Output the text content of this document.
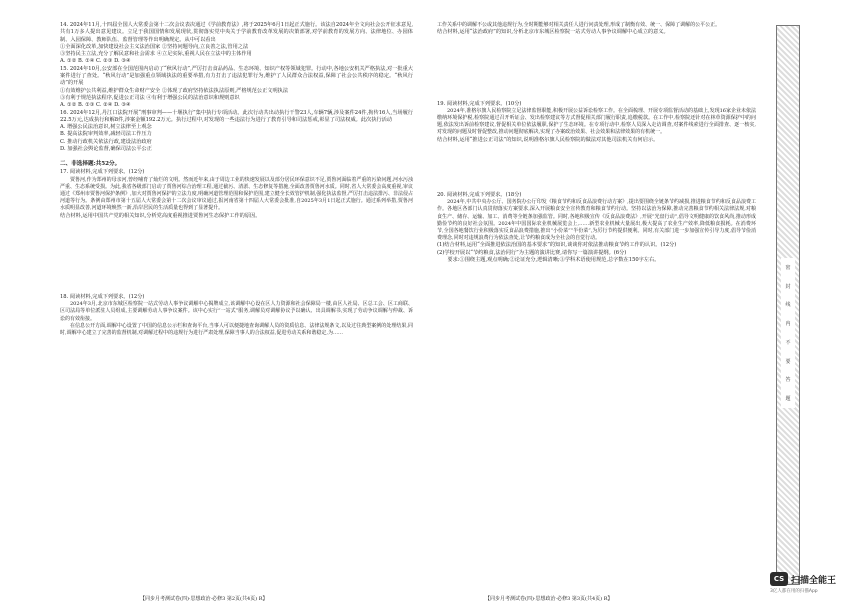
14. 2024年11月,十四届全国人大常委会第十二次会议表决通过《学前教育法》,将于2025年6月1日起正式施行。该法自2024年全文向社会公开征求意见,共有1万多人提出意见建议。立足于我国国情和发展现状,贯彻落实党中央关于学前教育改革发展的决策部署,对学前教育的发展方向、法律地位、办园体制、入园保障、教师队伍、监督管理等作出明确规定。从中可以看出

①全面深化改革,加快建设社会主义法治国家 ②坚持问题导向,立良善之法,管用之法
③坚持民主立法,充分了解民意和社会需求 ④立足实际,重视人民在立法中的主体作用
A. ①② B. ①④ C. ②③ D. ③④

15. 2024年10月,公安部在全国范围内启动了“秋风行动”,严厉打击食品药品、生态环境、知识产权等领域犯罪。行动中,各地公安机关严格执法,对一批重大案件进行了查处。“秋风行动”是加强重点领域执法的重要举措,有力打击了违法犯罪行为,维护了人民群众合法权益,保障了社会公共秩序的稳定。“秋风行动”的开展

①有效维护公共利益,维护群众生命财产安全 ②体现了政府坚持依法执法原则,严格规范公正文明执法
③有利于规范执法程序,促进公正司法 ④有利于增强公民的法治意识和规则意识
A. ①② B. ①③ C. ②④ D. ③④

16. 2024年12月,丹江口法院开展“刑事审判——十堰执行”集中执行专项活动。此次行动共出动执行干警23人,车辆7辆,涉及案件24件,拘传16人,当场履行22.5万元,达成执行和解8件,涉案金额192.2万元。执行过程中,对发现的一些违法行为进行了教育引导和司法惩戒,彰显了司法权威。此次执行活动

A. 增强公民法治意识,树立法律至上观念
B. 提高法院审判效率,减轻司法工作压力
C. 推动行政机关依法行政,建设法治政府
D. 加强社会舆论监督,确保司法公平公正

二、非选择题:共52分。

17. 阅读材料,完成下列要求。(12分)

贾鲁河,作为郑州的母亲河,曾经哺育了灿烂的文明。然而近年来,由于周边工业的快速发展以及部分居民环保意识不足,贾鲁河面临着严重的污染问题,河水污浊严重、生态系统受损。为此,我省各级部门启动了贾鲁河综合治理工程,通过截污、清淤、生态修复等措施,全面改善贾鲁河水质。同时,省人大常委会高度重视,审议通过《郑州市贾鲁河保护条例》,加大对贾鲁河保护的立法力度,明确河道管理范围和保护范围,建立健全长效管护机制,强化执法监督,严厉打击违法排污、非法侵占河道等行为。条例由郑州市第十五届人大常委会第十二次会议审议通过,报河南省第十四届人大常委会批准,自2025年3月1日起正式施行。通过系列举措,贾鲁河水质明显改善,河道环境焕然一新,沿岸居民的生活质量也得到了显著提升。

结合材料,运用中国共产党的相关知识,分析党高度重视推进贾鲁河生态保护工作的原因。

18. 阅读材料,完成下列要求。(12分)

2024年3月,北京市东城区检察院一站式劳动人事争议调解中心揭牌成立,该调解中心设在区人力资源和社会保障局一楼,由区人社局、区总工会、区工商联、区司法局等单位派驻人员组成,主要调解劳动人事争议案件。该中心实行“一站式”服务,调解员对调解协议予以确认、出具调解书,实现了劳动争议调解与仲裁、诉讼的有效衔接。

在信息公开方面,调解中心设置了中国的信息公示栏和查询平台,当事人可以便捷地查询调解人员的资质信息、法律法规条文,以及过往典型案例的处理结果,同时,调解中心建立了完善的监督机制,对调解过程中的违规行为进行严肃处理,保障当事人的合法权益,促进劳动关系和谐稳定,为……

【同步月考测试卷(四)·思想政治·必修3 第2页(共4页) R】

工作关系中的调解不公或其他违规行为,全时期能够对相关责任人进行问责处理,形成了制衡有效、统一、保障了调解的公平公正。

结合材料,运用“法治政府”的知识,分析北京市东城区检察院一站式劳动人事争议调解中心成立的意义。

19. 阅读材料,完成下列要求。(10分)

2024年,准格尔旗人民检察院立足法律监督职能,积极开展公益诉讼检察工作。在全面梳理、开展专项监督活动的基础上,发现16家企业未依法缴纳环境保护税,检察院通过召开听证会、发出检察建议等方式督促相关部门履行职责,追缴税款。在工作中,检察院还针对在林草资源保护中的问题,依法发出诉前检察建议,督促相关单位依法履职,保护了生态环境。在专项行动中,检察人员深入走访调查,对案件线索进行全面排查、逐一核实,对发现的问题及时督促整改,推动问题彻底解决,实现了办案政治效果、社会效果和法律效果的有机统一。

结合材料,运用“推进公正司法”的知识,说明准格尔旗人民检察院的做法对其他司法机关有何启示。

20. 阅读材料,完成下列要求。(18分)

2024年,中共中央办公厅、国务院办公厅印发《粮食节约和反食品浪费行动方案》,提出要围绕全链条节约减损,推进粮食节约和反食品浪费工作。各地区各部门认真贯彻落实方案要求,深入开展粮食安全宣传教育和粮食节约行动。坚持以法治为保障,推动完善粮食节约相关法律法规,对粮食生产、储存、运输、加工、消费等全链条加强监管。同时,各地积极宣传《反食品浪费法》,开展“光盘行动”,倡导文明健康的饮食风尚,推动形成勤俭节约的良好社会氛围。2024年中国国际农业机械展览会上,……新型农业机械大量展出,极大提高了农业生产效率,降低粮食损耗。在消费环节,全国各地餐饮行业积极落实反食品浪费措施,推出“小份菜”“半份菜”,为厉行节约提供便利。同时,有关部门进一步加强宣传引导力度,倡导节俭消费理念,同时对违规浪费行为依法查处,让节约粮食成为全社会的自觉行动。

(1)结合材料,运用“全面推进依法治国的基本要求”的知识,谈谈你对依法推动粮食节约工作的认识。(12分)

(2)学校开展以“节约粮食,法治同行”为主题的演讲比赛,请你写一篇演讲提纲。(6分)

要求:①围绕主题,观点明确;②论证充分,逻辑清晰;③学科术语使用规范,总字数在150字左右。

【同步月考测试卷(四)·思想政治·必修3 第3页(共4页) R】
密
封
线
内
不
要
答
题
CS 扫描全能王
3亿人都在用的扫描App
